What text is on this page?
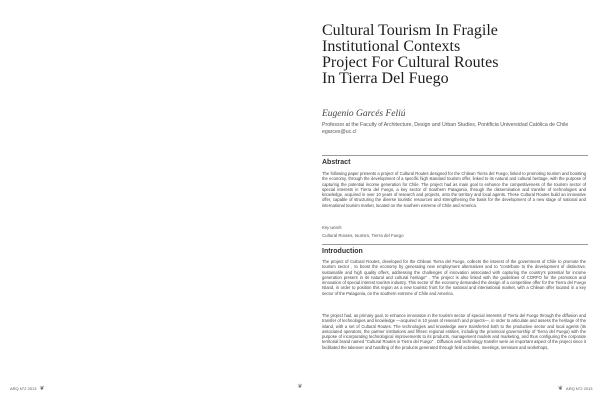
Cultural Tourism In Fragile
Institutional Contexts
Project For Cultural Routes
In Tierra Del Fuego
Eugenio Garcés Feliú
Professor at the Faculty of Architecture, Design and Urban Studies, Pontificia Universidad Católica de Chile
egarces@uc.cl
Abstract
The following paper presents a project of Cultural Routes designed for the Chilean Tierra del Fuego, linked to promoting tourism and boosting the economy, through the development of a specific high standard tourism offer, linked to its natural and cultural heritage, with the purpose of capturing the potential income generation for Chile. The project had as main goal to enhance the competitiveness of the tourism sector of special interests in Tierra del Fuego, a key sector of Southern Patagonia, through the dissemination and transfer of technologies and knowledge, acquired in over 10 years of research and projects, onto the territory and local agents. These Cultural Routes build an innovative offer, capable of structuring the diverse touristic resources and strengthening the basis for the development of a new stage of national and international tourism market, located on the southern extreme of Chile and America.
Key words
Cultural Routes, tourism, Tierra del Fuego
Introduction
The project of Cultural Routes, developed for the Chilean Tierra del Fuego, collects the interest of the government of Chile to promote the tourism sector , to boost the economy by generating new employment alternatives and to "contribute to the development of distinctive, sustainable and high quality offers, addressing the challenges of innovation associated with capturing the country's potential for income generation present in its natural and cultural heritage" . The project is also linked with the guidelines of CORFO for the promotion and innovation of special interest tourism industry. This sector of the economy demanded the design of a competitive offer for the Tierra del Fuego Island, in order to position this region as a new touristic front for the national and international market, with a Chilean offer located in a key sector of the Patagonia, on the southern extreme of Chile and America.
The project had, as primary goal, to enhance innovation in the tourism sector of special interests of Tierra del Fuego through the diffusion and transfer of technologies and knowledge —acquired in 10 years of research and projects—, in order to articulate and assess the heritage of the island, with a set of Cultural Routes. The technologies and knowledge were transferred both to the productive sector and local agents (its associated operators, the partner institutions and fifteen regional entities, including the provincial governorship of Tierra del Fuego) with the purpose of incorporating technological improvements to its products, management models and marketing, and thus configuring the corporate territorial brand named "Cultural Routes in Tierra del Fuego" . Diffusion and technology transfer were an important aspect of the project since it facilitated the takeover and handling of the products generated through field activities, meetings, seminars and workshops,
ARQ N°2 2013 ❦	❦	❦ ARQ N°2 2013
